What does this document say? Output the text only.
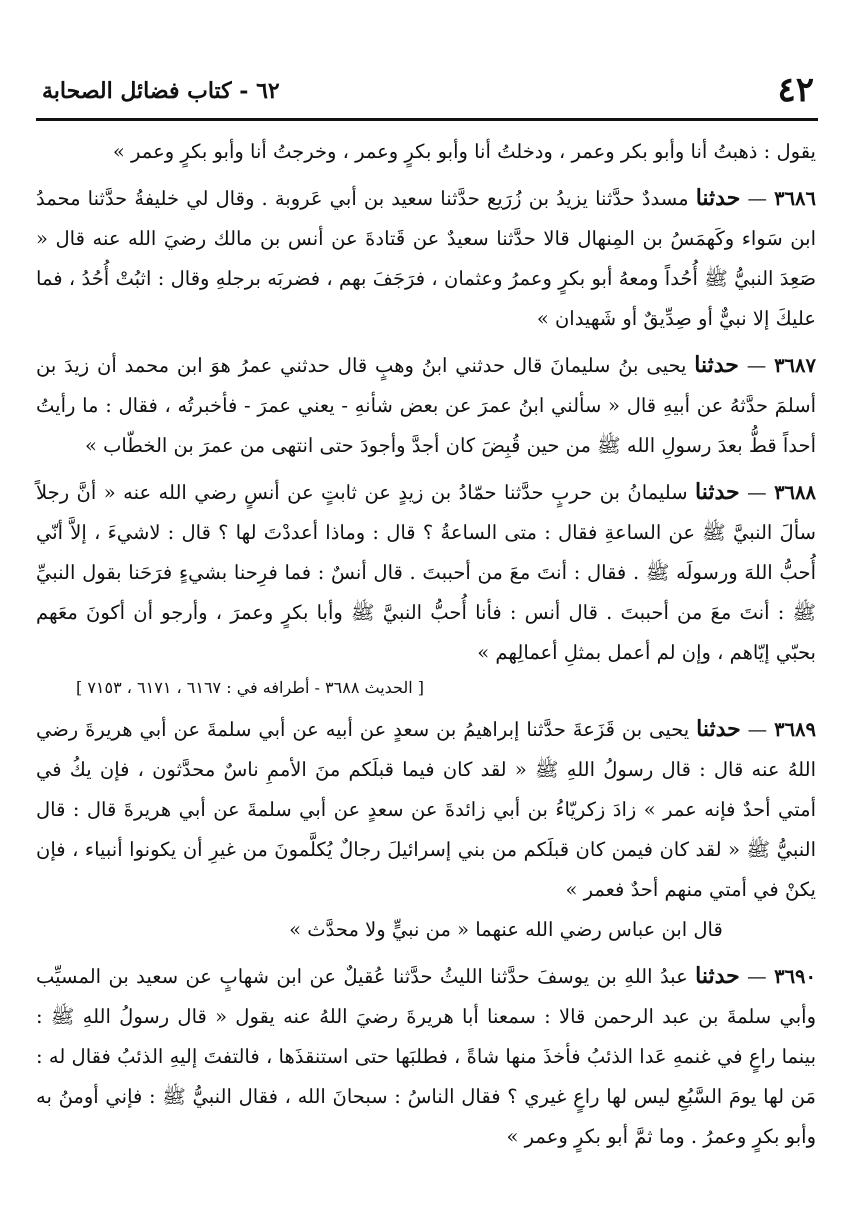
٤٢
٦٢ - كتاب فضائل الصحابة

يقول : ذهبتُ أنا وأبو بكر وعمر ، ودخلتُ أنا وأبو بكرٍ وعمر ، وخرجتُ أنا وأبو بكرٍ وعمر »

٣٦٨٦ — حدثنا مسددٌ حدَّثنا يزيدُ بن زُرَيع حدَّثنا سعيد بن أبي عَروبة . وقال لي خليفةُ حدَّثنا محمدُ ابن سَواء وكَهمَسُ بن المِنهال قالا حدَّثنا سعيدٌ عن قَتادةَ عن أنس بن مالك رضيَ الله عنه قال « صَعِدَ النبيُّ ﷺ أُحُداً ومعهُ أبو بكرٍ وعمرُ وعثمان ، فرَجَفَ بهم ، فضربَه برجلهِ وقال : اثبُتْ أُحُدُ ، فما عليكَ إلا نبيٌّ أو صِدِّيقٌ أو شَهيدان »

٣٦٨٧ — حدثنا يحيى بنُ سليمانَ قال حدثني ابنُ وهبٍ قال حدثني عمرُ هوَ ابن محمد أن زيدَ بن أسلمَ حدَّثهُ عن أبيهِ قال « سألني ابنُ عمرَ عن بعض شأنهِ - يعني عمرَ - فأخبرتُه ، فقال : ما رأيتُ أحداً قطُّ بعدَ رسولِ الله ﷺ من حين قُبِضَ كان أجدَّ وأجودَ حتى انتهى من عمرَ بن الخطّاب »

٣٦٨٨ — حدثنا سليمانُ بن حربٍ حدَّثنا حمّادُ بن زيدٍ عن ثابتٍ عن أنسٍ رضي الله عنه « أنَّ رجلاً سألَ النبيَّ ﷺ عن الساعةِ فقال : متى الساعةُ ؟ قال : وماذا أعددْتَ لها ؟ قال : لاشيءَ ، إلاَّ أنّي أُحبُّ اللهَ ورسولَه ﷺ . فقال : أنتَ معَ من أحببتَ . قال أنسٌ : فما فرِحنا بشيءٍ فرَحَنا بقول النبيِّ ﷺ : أنتَ معَ من أحببتَ . قال أنس : فأنا أُحبُّ النبيَّ ﷺ وأبا بكرٍ وعمرَ ، وأرجو أن أكونَ معَهم بحبّي إيّاهم ، وإن لم أعمل بمثلِ أعمالِهم »

[ الحديث ٣٦٨٨ - أطرافه في : ٦١٦٧ ، ٦١٧١ ، ٧١٥٣ ]

٣٦٨٩ — حدثنا يحيى بن قَزَعةَ حدَّثنا إبراهيمُ بن سعدٍ عن أبيه عن أبي سلمةَ عن أبي هريرةَ رضي اللهُ عنه قال : قال رسولُ اللهِ ﷺ « لقد كان فيما قبلَكم منَ الأممِ ناسٌ محدَّثون ، فإن يكُ في أمتي أحدٌ فإنه عمر » زادَ زكريّاءُ بن أبي زائدةَ عن سعدٍ عن أبي سلمةَ عن أبي هريرةَ قال : قال النبيُّ ﷺ « لقد كان فيمن كان قبلَكم من بني إسرائيلَ رجالٌ يُكلَّمونَ من غيرِ أن يكونوا أنبياء ، فإن يكنْ في أمتي منهم أحدٌ فعمر »

قال ابن عباس رضي الله عنهما « من نبيٍّ ولا محدَّث »

٣٦٩٠ — حدثنا عبدُ اللهِ بن يوسفَ حدَّثنا الليثُ حدَّثنا عُقيلٌ عن ابن شهابٍ عن سعيد بن المسيِّب وأبي سلمةَ بن عبد الرحمن قالا : سمعنا أبا هريرةَ رضيَ اللهُ عنه يقول « قال رسولُ اللهِ ﷺ : بينما راعٍ في غنمهِ عَدا الذئبُ فأخذَ منها شاةً ، فطلبَها حتى استنقذَها ، فالتفتَ إليهِ الذئبُ فقال له : مَن لها يومَ السَّبُعِ ليس لها راعٍ غيري ؟ فقال الناسُ : سبحانَ الله ، فقال النبيُّ ﷺ : فإني أومنُ به وأبو بكرٍ وعمرُ . وما ثمَّ أبو بكرٍ وعمر »
